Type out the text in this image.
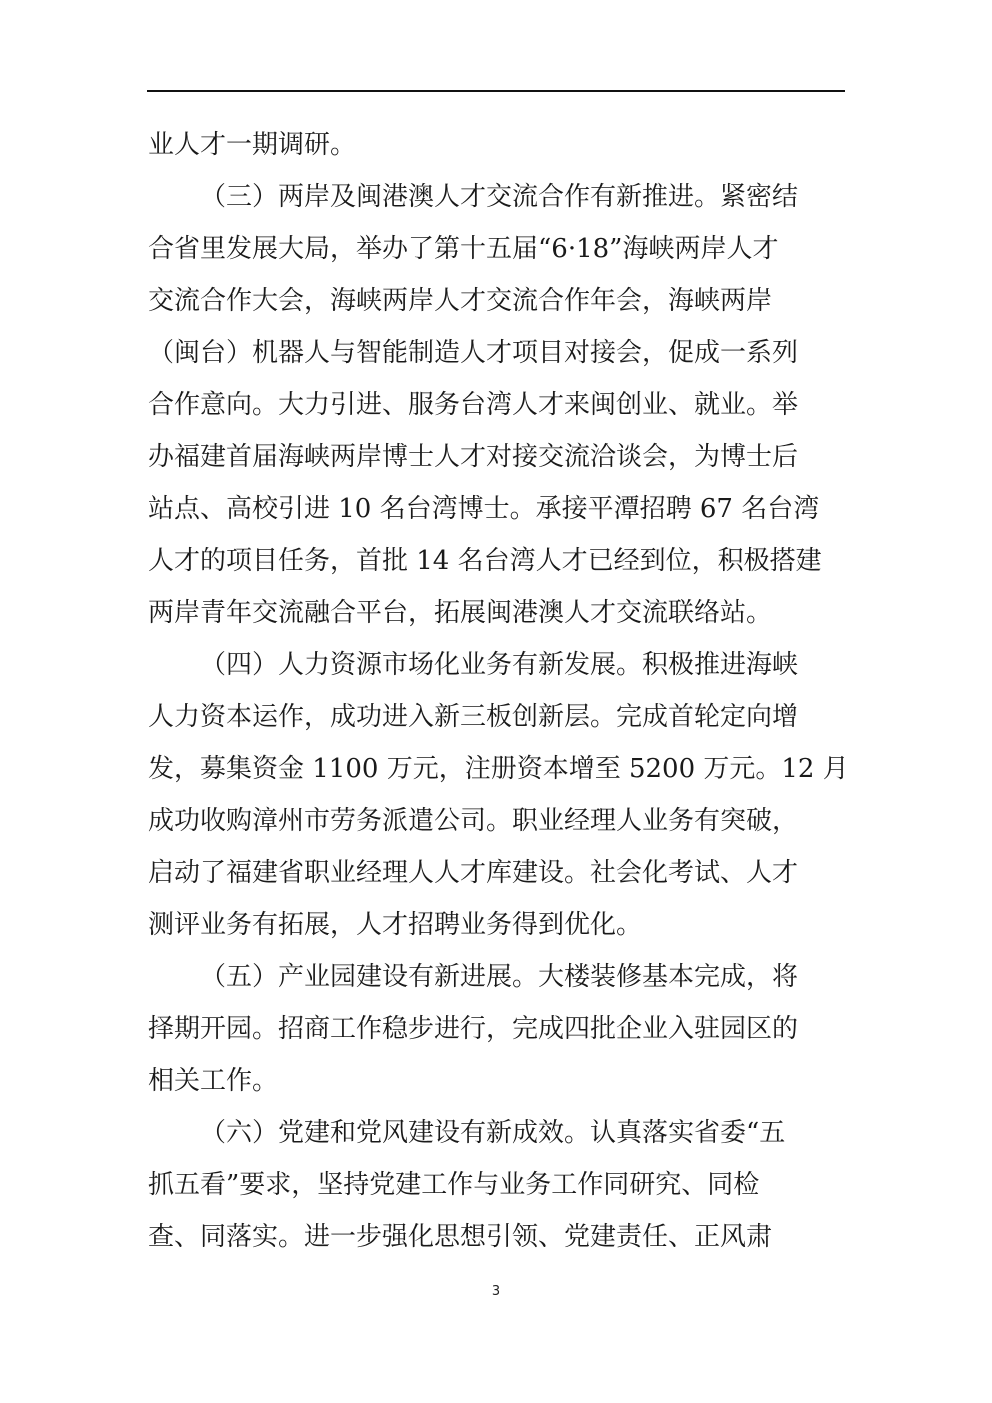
业人才一期调研。
（三）两岸及闽港澳人才交流合作有新推进。紧密结
合省里发展大局，举办了第十五届“6·18”海峡两岸人才
交流合作大会，海峡两岸人才交流合作年会，海峡两岸
（闽台）机器人与智能制造人才项目对接会，促成一系列
合作意向。大力引进、服务台湾人才来闽创业、就业。举
办福建首届海峡两岸博士人才对接交流洽谈会，为博士后
站点、高校引进 10 名台湾博士。承接平潭招聘 67 名台湾
人才的项目任务，首批 14 名台湾人才已经到位，积极搭建
两岸青年交流融合平台，拓展闽港澳人才交流联络站。
（四）人力资源市场化业务有新发展。积极推进海峡
人力资本运作，成功进入新三板创新层。完成首轮定向增
发，募集资金 1100 万元，注册资本增至 5200 万元。12 月
成功收购漳州市劳务派遣公司。职业经理人业务有突破，
启动了福建省职业经理人人才库建设。社会化考试、人才
测评业务有拓展，人才招聘业务得到优化。
（五）产业园建设有新进展。大楼装修基本完成，将
择期开园。招商工作稳步进行，完成四批企业入驻园区的
相关工作。
（六）党建和党风建设有新成效。认真落实省委“五
抓五看”要求，坚持党建工作与业务工作同研究、同检
查、同落实。进一步强化思想引领、党建责任、正风肃
3
